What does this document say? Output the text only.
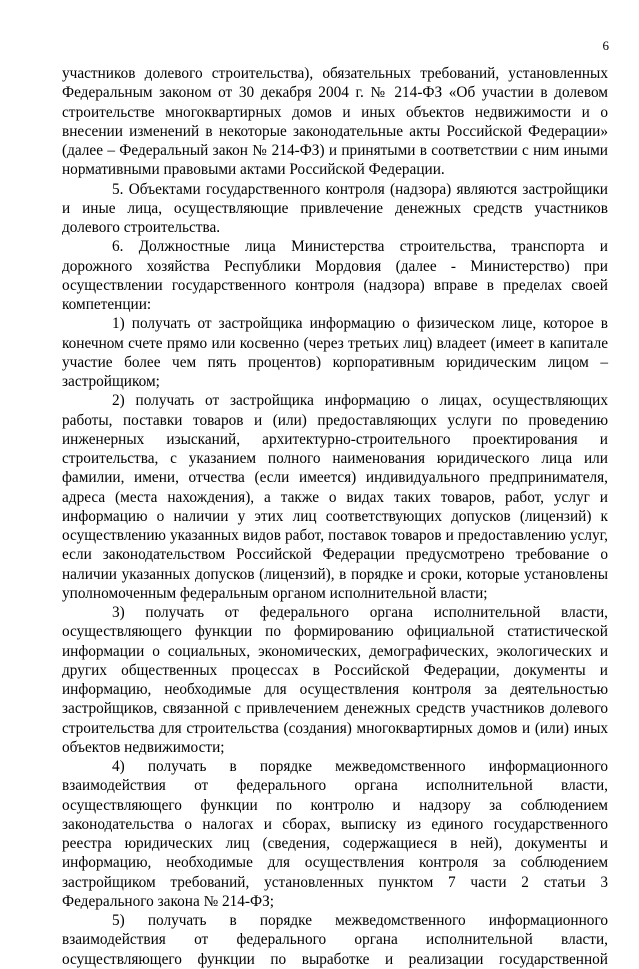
6

участников долевого строительства), обязательных требований, установленных Федеральным законом от 30 декабря 2004 г. № 214-ФЗ «Об участии в долевом строительстве многоквартирных домов и иных объектов недвижимости и о внесении изменений в некоторые законодательные акты Российской Федерации» (далее – Федеральный закон № 214-ФЗ) и принятыми в соответствии с ним иными нормативными правовыми актами Российской Федерации.

5. Объектами государственного контроля (надзора) являются застройщики и иные лица, осуществляющие привлечение денежных средств участников долевого строительства.

6. Должностные лица Министерства строительства, транспорта и дорожного хозяйства Республики Мордовия (далее - Министерство) при осуществлении государственного контроля (надзора) вправе в пределах своей компетенции:

1) получать от застройщика информацию о физическом лице, которое в конечном счете прямо или косвенно (через третьих лиц) владеет (имеет в капитале участие более чем пять процентов) корпоративным юридическим лицом – застройщиком;

2) получать от застройщика информацию о лицах, осуществляющих работы, поставки товаров и (или) предоставляющих услуги по проведению инженерных изысканий, архитектурно-строительного проектирования и строительства, с указанием полного наименования юридического лица или фамилии, имени, отчества (если имеется) индивидуального предпринимателя, адреса (места нахождения), а также о видах таких товаров, работ, услуг и информацию о наличии у этих лиц соответствующих допусков (лицензий) к осуществлению указанных видов работ, поставок товаров и предоставлению услуг, если законодательством Российской Федерации предусмотрено требование о наличии указанных допусков (лицензий), в порядке и сроки, которые установлены уполномоченным федеральным органом исполнительной власти;

3) получать от федерального органа исполнительной власти, осуществляющего функции по формированию официальной статистической информации о социальных, экономических, демографических, экологических и других общественных процессах в Российской Федерации, документы и информацию, необходимые для осуществления контроля за деятельностью застройщиков, связанной с привлечением денежных средств участников долевого строительства для строительства (создания) многоквартирных домов и (или) иных объектов недвижимости;

4) получать в порядке межведомственного информационного взаимодействия от федерального органа исполнительной власти, осуществляющего функции по контролю и надзору за соблюдением законодательства о налогах и сборах, выписку из единого государственного реестра юридических лиц (сведения, содержащиеся в ней), документы и информацию, необходимые для осуществления контроля за соблюдением застройщиком требований, установленных пунктом 7 части 2 статьи 3 Федерального закона № 214-ФЗ;

5) получать в порядке межведомственного информационного взаимодействия от федерального органа исполнительной власти, осуществляющего функции по выработке и реализации государственной
